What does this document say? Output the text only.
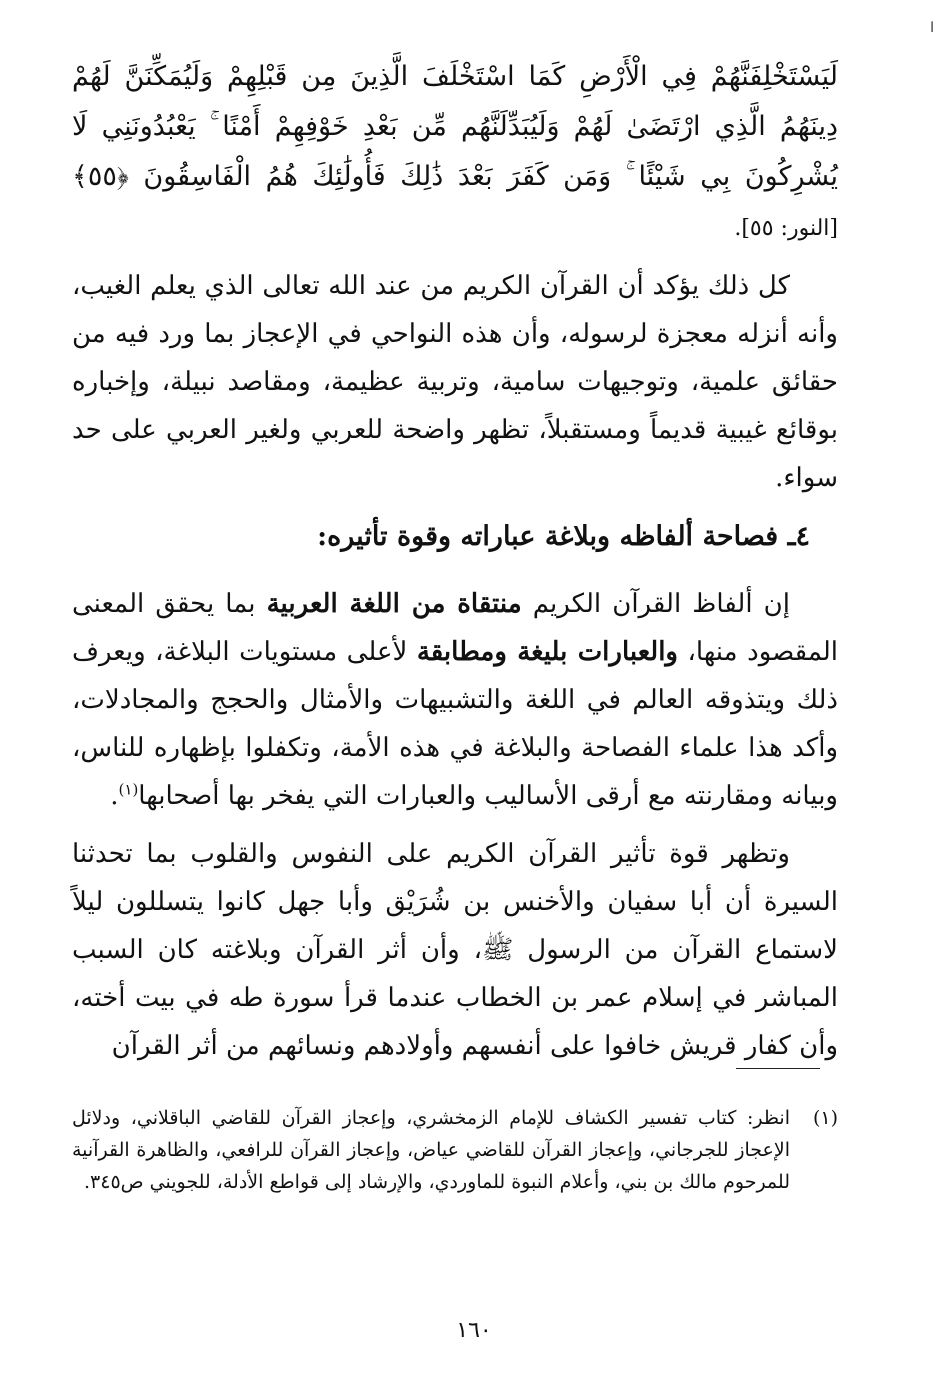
ا

لَيَسْتَخْلِفَنَّهُمْ فِي الْأَرْضِ كَمَا اسْتَخْلَفَ الَّذِينَ مِن قَبْلِهِمْ وَلَيُمَكِّنَنَّ لَهُمْ دِينَهُمُ الَّذِي ارْتَضَىٰ لَهُمْ وَلَيُبَدِّلَنَّهُم مِّن بَعْدِ خَوْفِهِمْ أَمْنًا ۚ يَعْبُدُونَنِي لَا يُشْرِكُونَ بِي شَيْئًا ۚ وَمَن كَفَرَ بَعْدَ ذَٰلِكَ فَأُولَٰئِكَ هُمُ الْفَاسِقُونَ ﴿٥٥﴾ [النور: ٥٥].

كل ذلك يؤكد أن القرآن الكريم من عند الله تعالى الذي يعلم الغيب، وأنه أنزله معجزة لرسوله، وأن هذه النواحي في الإعجاز بما ورد فيه من حقائق علمية، وتوجيهات سامية، وتربية عظيمة، ومقاصد نبيلة، وإخباره بوقائع غيبية قديماً ومستقبلاً، تظهر واضحة للعربي ولغير العربي على حد سواء.

٤ـ فصاحة ألفاظه وبلاغة عباراته وقوة تأثيره:

إن ألفاظ القرآن الكريم منتقاة من اللغة العربية بما يحقق المعنى المقصود منها، والعبارات بليغة ومطابقة لأعلى مستويات البلاغة، ويعرف ذلك ويتذوقه العالم في اللغة والتشبيهات والأمثال والحجج والمجادلات، وأكد هذا علماء الفصاحة والبلاغة في هذه الأمة، وتكفلوا بإظهاره للناس، وبيانه ومقارنته مع أرقى الأساليب والعبارات التي يفخر بها أصحابها$^{(١)}$.

وتظهر قوة تأثير القرآن الكريم على النفوس والقلوب بما تحدثنا السيرة أن أبا سفيان والأخنس بن شُرَيْق وأبا جهل كانوا يتسللون ليلاً لاستماع القرآن من الرسول ﷺ، وأن أثر القرآن وبلاغته كان السبب المباشر في إسلام عمر بن الخطاب عندما قرأ سورة طه في بيت أخته، وأن كفار قريش خافوا على أنفسهم وأولادهم ونسائهم من أثر القرآن

(١)
انظر: كتاب تفسير الكشاف للإمام الزمخشري، وإعجاز القرآن للقاضي الباقلاني، ودلائل الإعجاز للجرجاني، وإعجاز القرآن للقاضي عياض، وإعجاز القرآن للرافعي، والظاهرة القرآنية للمرحوم مالك بن بني، وأعلام النبوة للماوردي، والإرشاد إلى قواطع الأدلة، للجويني ص٣٤٥.

١٦٠
